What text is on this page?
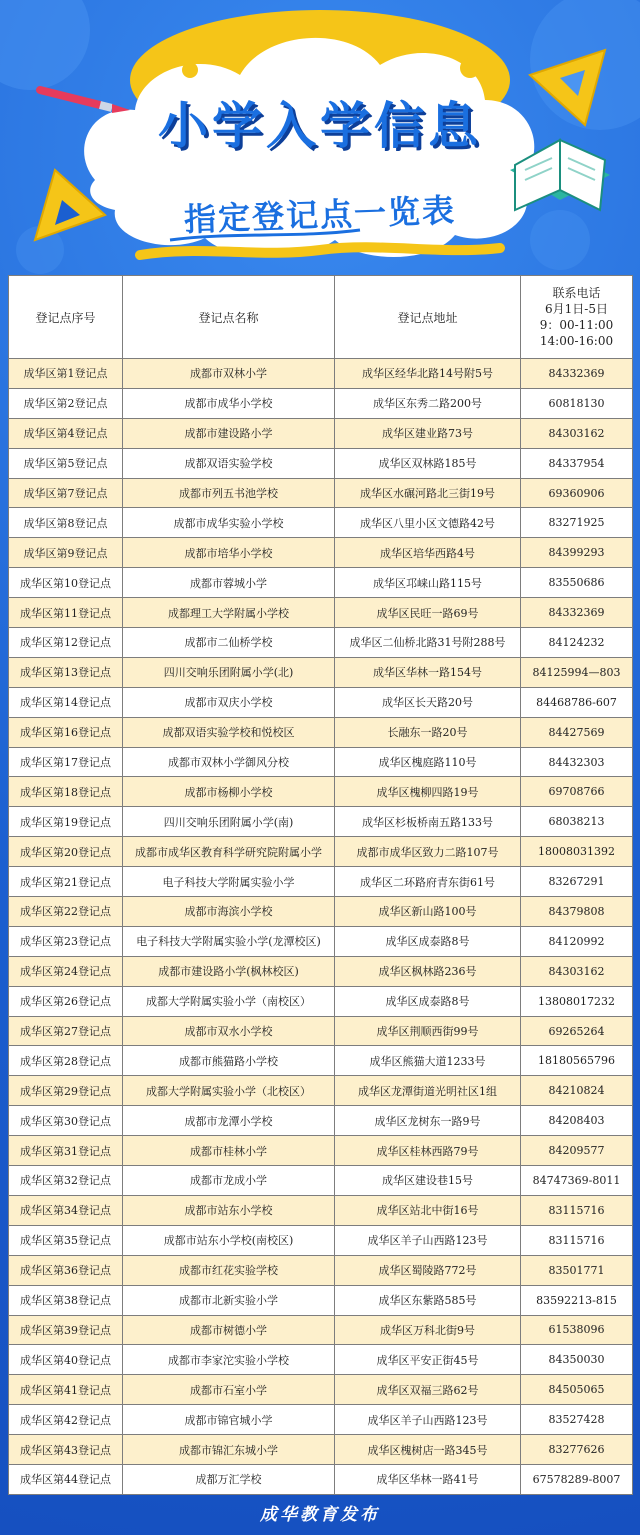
小学入学信息
指定登记点一览表
登记点序号	登记点名称	登记点地址	联系电话
6月1日-5日
9：00-11:00
14:00-16:00

成华区第1登记点	成都市双林小学	成华区经华北路14号附5号	84332369
成华区第2登记点	成都市成华小学校	成华区东秀二路200号	60818130
成华区第4登记点	成都市建设路小学	成华区建业路73号	84303162
成华区第5登记点	成都双语实验学校	成华区双林路185号	84337954
成华区第7登记点	成都市列五书池学校	成华区水碾河路北三街19号	69360906
成华区第8登记点	成都市成华实验小学校	成华区八里小区文德路42号	83271925
成华区第9登记点	成都市培华小学校	成华区培华西路4号	84399293
成华区第10登记点	成都市蓉城小学	成华区邛崃山路115号	83550686
成华区第11登记点	成都理工大学附属小学校	成华区民旺一路69号	84332369
成华区第12登记点	成都市二仙桥学校	成华区二仙桥北路31号附288号	84124232
成华区第13登记点	四川交响乐团附属小学(北)	成华区华林一路154号	84125994—803
成华区第14登记点	成都市双庆小学校	成华区长天路20号	84468786-607
成华区第16登记点	成都双语实验学校和悦校区	长融东一路20号	84427569
成华区第17登记点	成都市双林小学御风分校	成华区槐庭路110号	84432303
成华区第18登记点	成都市杨柳小学校	成华区槐柳四路19号	69708766
成华区第19登记点	四川交响乐团附属小学(南)	成华区杉板桥南五路133号	68038213
成华区第20登记点	成都市成华区教育科学研究院附属小学	成都市成华区致力二路107号	18008031392
成华区第21登记点	电子科技大学附属实验小学	成华区二环路府青东街61号	83267291
成华区第22登记点	成都市海滨小学校	成华区新山路100号	84379808
成华区第23登记点	电子科技大学附属实验小学(龙潭校区)	成华区成泰路8号	84120992
成华区第24登记点	成都市建设路小学(枫林校区)	成华区枫林路236号	84303162
成华区第26登记点	成都大学附属实验小学（南校区）	成华区成泰路8号	13808017232
成华区第27登记点	成都市双水小学校	成华区荆顺西街99号	69265264
成华区第28登记点	成都市熊猫路小学校	成华区熊猫大道1233号	18180565796
成华区第29登记点	成都大学附属实验小学（北校区）	成华区龙潭街道光明社区1组	84210824
成华区第30登记点	成都市龙潭小学校	成华区龙树东一路9号	84208403
成华区第31登记点	成都市桂林小学	成华区桂林西路79号	84209577
成华区第32登记点	成都市龙成小学	成华区建设巷15号	84747369-8011
成华区第34登记点	成都市站东小学校	成华区站北中街16号	83115716
成华区第35登记点	成都市站东小学校(南校区)	成华区羊子山西路123号	83115716
成华区第36登记点	成都市红花实验学校	成华区蜀陵路772号	83501771
成华区第38登记点	成都市北新实验小学	成华区东紫路585号	83592213-815
成华区第39登记点	成都市树德小学	成华区万科北街9号	61538096
成华区第40登记点	成都市李家沱实验小学校	成华区平安正街45号	84350030
成华区第41登记点	成都市石室小学	成华区双福三路62号	84505065
成华区第42登记点	成都市锦官城小学	成华区羊子山西路123号	83527428
成华区第43登记点	成都市锦汇东城小学	成华区槐树店一路345号	83277626
成华区第44登记点	成都万汇学校	成华区华林一路41号	67578289-8007
成华教育发布
